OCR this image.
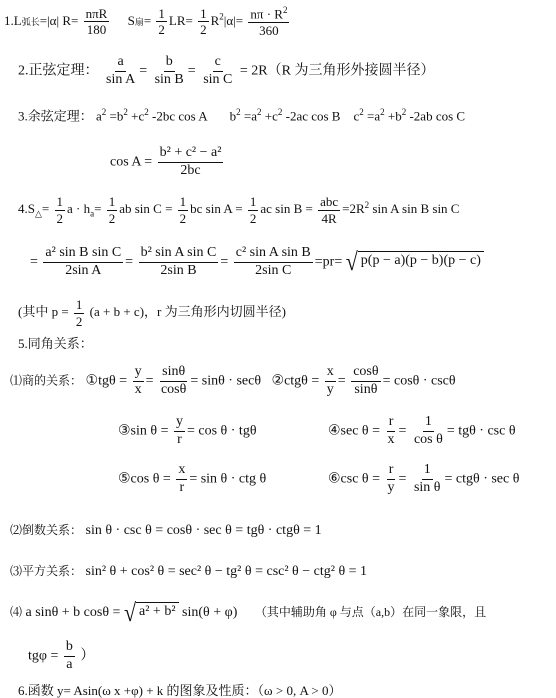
1.L弧长=|α| $R= \frac{\text{nπR}}{180}$ S扇= $\frac{1}{2} LR= \frac{1}{2} R^2|\alpha|= \frac{n\pi \cdot R^2}{360}$
2.正弦定理： $\frac{a}{\text{sin A}} = \frac{b}{\text{sin B}} = \frac{c}{\text{sin C}} = 2R(R$ 为三角形外接圆半径）
3.余弦定理： $a^2 =b^2 +c^2$ -2bc cos A $b^2 =a^2 +c^2$ -2ac cos B $c^2 =a^2 +b^2$ -2ab cos C
$\cos A = \frac{\text{b² + c² − a²}}{2bc}$
$4.S_\triangle= \frac{1}{2}$ $a \cdot h_a= \frac{1}{2}$ ab $\sin C = \frac{1}{2}$ bc $\sin A = \frac{1}{2}$ ac $\sin B = \frac{\text{abc}}{4R} =2R^2$ sin A sin B sin C
= $\frac{\text{a² sin B sin C}}{\text{2sin A}} = \frac{\text{b² sin A sin C}}{\text{2sin B}} = \frac{\text{c² sin A sin B}}{\text{2sin C}} =pr=$ √ p(p − a)(p − b)(p − c)
(其中 $p = \frac{1}{2} (a + b + c)$，r 为三角形内切圆半径)
5.同角关系：
⑴商的关系： ①tgθ = $\frac{y}{x} = \frac{\sin\theta}{\cos\theta} = \sin\theta \cdot \sec\theta$ ②ctgθ = $\frac{x}{y} = \frac{\cos\theta}{\sin\theta} = \cos\theta \cdot \csc\theta$
③sin $\theta = \frac{y}{r} = \cos \theta \cdot tg\theta$	④sec $\theta = \frac{r}{x} = \frac{1}{\text{cos θ}} = tg\theta \cdot \csc \theta$
⑤cos $\theta = \frac{x}{r} = \sin \theta$ · ctg θ	⑥csc $\theta = \frac{r}{y} = \frac{1}{\text{sin θ}} = ctg\theta \cdot \sec \theta$
⑵倒数关系： sin θ · csc θ = cosθ · sec θ = tgθ · ctgθ = 1
⑶平方关系： sin² θ + cos² θ = sec² θ − tg² θ = csc² θ − ctg² θ = 1
⑷ a sinθ + b cosθ = √ a² + b² sin(θ + φ) （其中辅助角 φ 与点（a,b）在同一象限，且
$tg\varphi = \frac{b}{a}$ ）
6.函数 y= Asin(ω x +φ) + k 的图象及性质：（ω > 0, A > 0）
